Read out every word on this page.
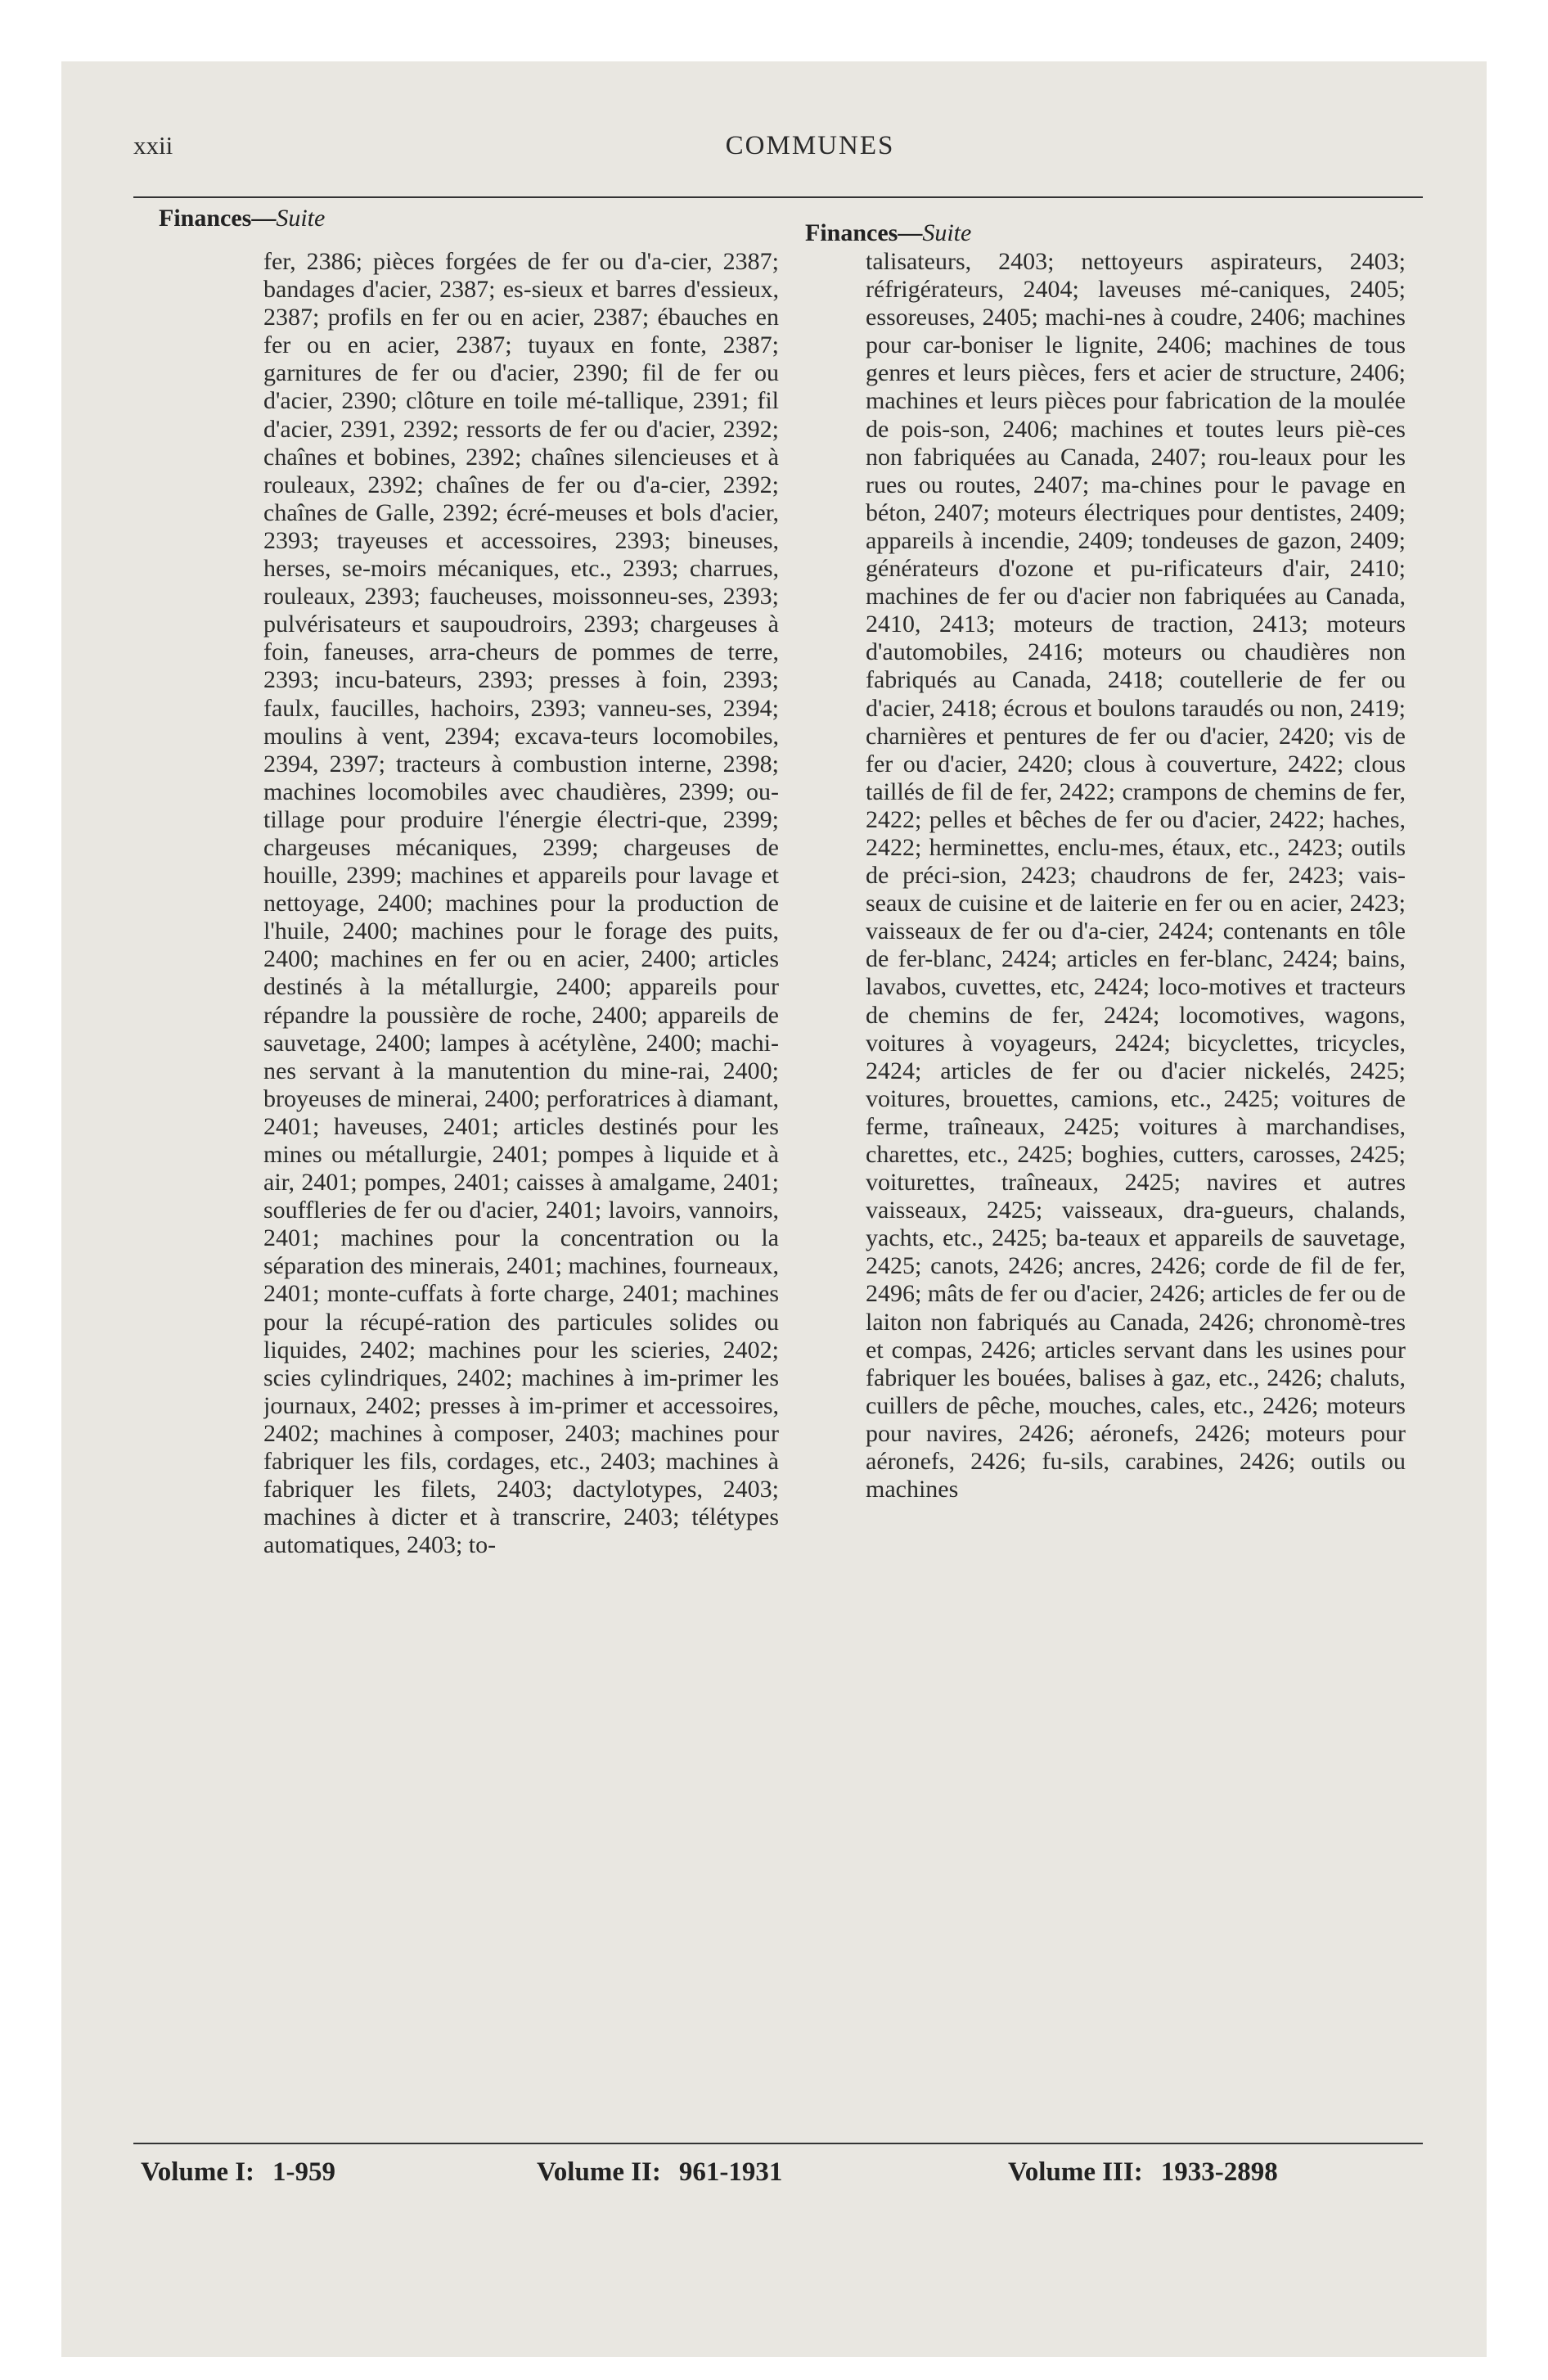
xxii	COMMUNES
Finances—Suite
Finances—Suite
fer, 2386; pièces forgées de fer ou d'a-cier, 2387; bandages d'acier, 2387; es-sieux et barres d'essieux, 2387; profils en fer ou en acier, 2387; ébauches en fer ou en acier, 2387; tuyaux en fonte, 2387; garnitures de fer ou d'acier, 2390; fil de fer ou d'acier, 2390; clôture en toile mé-tallique, 2391; fil d'acier, 2391, 2392; ressorts de fer ou d'acier, 2392; chaînes et bobines, 2392; chaînes silencieuses et à rouleaux, 2392; chaînes de fer ou d'a-cier, 2392; chaînes de Galle, 2392; écré-meuses et bols d'acier, 2393; trayeuses et accessoires, 2393; bineuses, herses, se-moirs mécaniques, etc., 2393; charrues, rouleaux, 2393; faucheuses, moissonneu-ses, 2393; pulvérisateurs et saupoudroirs, 2393; chargeuses à foin, faneuses, arra-cheurs de pommes de terre, 2393; incu-bateurs, 2393; presses à foin, 2393; faulx, faucilles, hachoirs, 2393; vanneu-ses, 2394; moulins à vent, 2394; excava-teurs locomobiles, 2394, 2397; tracteurs à combustion interne, 2398; machines locomobiles avec chaudières, 2399; ou-tillage pour produire l'énergie électri-que, 2399; chargeuses mécaniques, 2399; chargeuses de houille, 2399; machines et appareils pour lavage et nettoyage, 2400; machines pour la production de l'huile, 2400; machines pour le forage des puits, 2400; machines en fer ou en acier, 2400; articles destinés à la métallurgie, 2400; appareils pour répandre la poussière de roche, 2400; appareils de sauvetage, 2400; lampes à acétylène, 2400; machi-nes servant à la manutention du mine-rai, 2400; broyeuses de minerai, 2400; perforatrices à diamant, 2401; haveuses, 2401; articles destinés pour les mines ou métallurgie, 2401; pompes à liquide et à air, 2401; pompes, 2401; caisses à amalgame, 2401; souffleries de fer ou d'acier, 2401; lavoirs, vannoirs, 2401; machines pour la concentration ou la séparation des minerais, 2401; machines, fourneaux, 2401; monte-cuffats à forte charge, 2401; machines pour la récupé-ration des particules solides ou liquides, 2402; machines pour les scieries, 2402; scies cylindriques, 2402; machines à im-primer les journaux, 2402; presses à im-primer et accessoires, 2402; machines à composer, 2403; machines pour fabriquer les fils, cordages, etc., 2403; machines à fabriquer les filets, 2403; dactylotypes, 2403; machines à dicter et à transcrire, 2403; télétypes automatiques, 2403; to-
talisateurs, 2403; nettoyeurs aspirateurs, 2403; réfrigérateurs, 2404; laveuses mé-caniques, 2405; essoreuses, 2405; machi-nes à coudre, 2406; machines pour car-boniser le lignite, 2406; machines de tous genres et leurs pièces, fers et acier de structure, 2406; machines et leurs pièces pour fabrication de la moulée de pois-son, 2406; machines et toutes leurs piè-ces non fabriquées au Canada, 2407; rou-leaux pour les rues ou routes, 2407; ma-chines pour le pavage en béton, 2407; moteurs électriques pour dentistes, 2409; appareils à incendie, 2409; tondeuses de gazon, 2409; générateurs d'ozone et pu-rificateurs d'air, 2410; machines de fer ou d'acier non fabriquées au Canada, 2410, 2413; moteurs de traction, 2413; moteurs d'automobiles, 2416; moteurs ou chaudières non fabriqués au Canada, 2418; coutellerie de fer ou d'acier, 2418; écrous et boulons taraudés ou non, 2419; charnières et pentures de fer ou d'acier, 2420; vis de fer ou d'acier, 2420; clous à couverture, 2422; clous taillés de fil de fer, 2422; crampons de chemins de fer, 2422; pelles et bêches de fer ou d'acier, 2422; haches, 2422; herminettes, enclu-mes, étaux, etc., 2423; outils de préci-sion, 2423; chaudrons de fer, 2423; vais-seaux de cuisine et de laiterie en fer ou en acier, 2423; vaisseaux de fer ou d'a-cier, 2424; contenants en tôle de fer-blanc, 2424; articles en fer-blanc, 2424; bains, lavabos, cuvettes, etc, 2424; loco-motives et tracteurs de chemins de fer, 2424; locomotives, wagons, voitures à voyageurs, 2424; bicyclettes, tricycles, 2424; articles de fer ou d'acier nickelés, 2425; voitures, brouettes, camions, etc., 2425; voitures de ferme, traîneaux, 2425; voitures à marchandises, charettes, etc., 2425; boghies, cutters, carosses, 2425; voiturettes, traîneaux, 2425; navires et autres vaisseaux, 2425; vaisseaux, dra-gueurs, chalands, yachts, etc., 2425; ba-teaux et appareils de sauvetage, 2425; canots, 2426; ancres, 2426; corde de fil de fer, 2496; mâts de fer ou d'acier, 2426; articles de fer ou de laiton non fabriqués au Canada, 2426; chronomè-tres et compas, 2426; articles servant dans les usines pour fabriquer les bouées, balises à gaz, etc., 2426; chaluts, cuillers de pêche, mouches, cales, etc., 2426; moteurs pour navires, 2426; aéronefs, 2426; moteurs pour aéronefs, 2426; fu-sils, carabines, 2426; outils ou machines
Volume I: 1-959	Volume II: 961-1931	Volume III: 1933-2898
